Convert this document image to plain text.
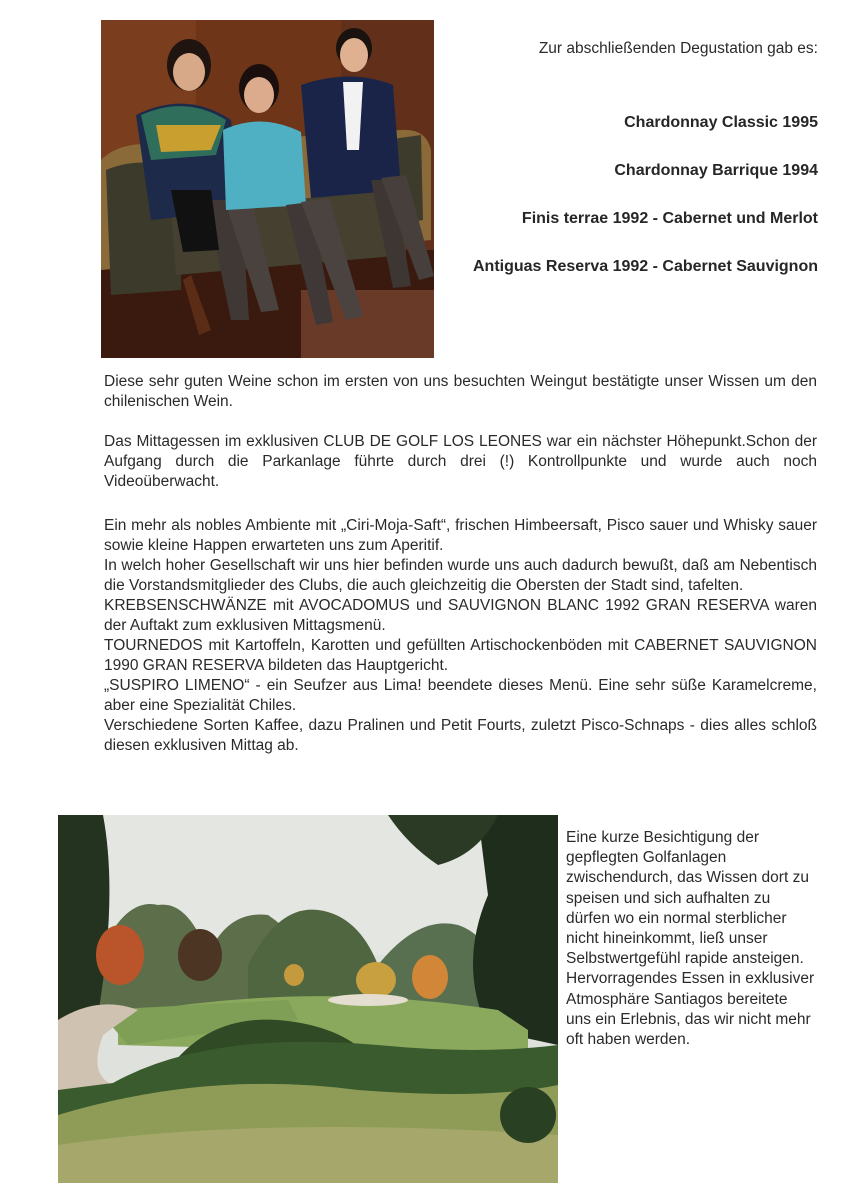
Zur abschließenden Degustation gab es:
Chardonnay Classic 1995
Chardonnay Barrique 1994
Finis terrae 1992 - Cabernet und Merlot
Antiguas Reserva 1992 - Cabernet Sauvignon

Diese sehr guten Weine schon im ersten von uns besuchten Weingut bestätigte unser Wissen um den chilenischen Wein.

Das Mittagessen im exklusiven CLUB DE GOLF LOS LEONES war ein nächster Höhepunkt.Schon der Aufgang durch die Parkanlage führte durch drei (!) Kontrollpunkte und wurde auch noch Videoüberwacht.

Ein mehr als nobles Ambiente mit „Ciri-Moja-Saft“, frischen Himbeersaft, Pisco sauer und Whisky sauer sowie kleine Happen erwarteten uns zum Aperitif.

In welch hoher Gesellschaft wir uns hier befinden wurde uns auch dadurch bewußt, daß am Nebentisch die Vorstandsmitglieder des Clubs, die auch gleichzeitig die Obersten der Stadt sind, tafelten.

KREBSENSCHWÄNZE mit AVOCADOMUS und SAUVIGNON BLANC 1992 GRAN RESERVA waren der Auftakt zum exklusiven Mittagsmenü.

TOURNEDOS mit Kartoffeln, Karotten und gefüllten Artischockenböden mit CABERNET SAUVIGNON 1990 GRAN RESERVA bildeten das Hauptgericht.

„SUSPIRO LIMENO“ - ein Seufzer aus Lima! beendete dieses Menü. Eine sehr süße Karamelcreme, aber eine Spezialität Chiles.

Verschiedene Sorten Kaffee, dazu Pralinen und Petit Fourts, zuletzt Pisco-Schnaps - dies alles schloß diesen exklusiven Mittag ab.

Eine kurze Besichtigung der gepflegten Golfanlagen zwischendurch, das Wissen dort zu speisen und sich aufhalten zu dürfen wo ein normal sterblicher nicht hineinkommt, ließ unser Selbstwertgefühl rapide ansteigen.

Hervorragendes Essen in exklusiver Atmosphäre Santiagos bereitete uns ein Erlebnis, das wir nicht mehr oft haben werden.
